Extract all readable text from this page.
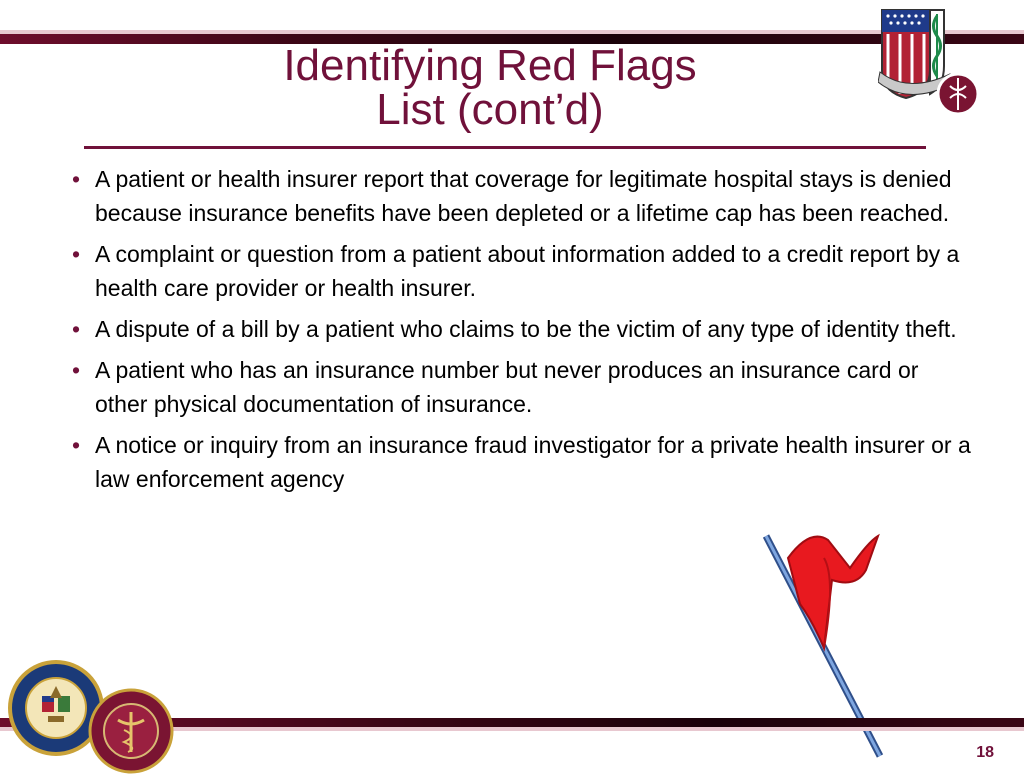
Identifying Red Flags
List (cont’d)
• A patient or health insurer report that coverage for legitimate hospital stays is denied because insurance benefits have been depleted or a lifetime cap has been reached.
• A complaint or question from a patient about information added to a credit report by a health care provider or health insurer.
• A dispute of a bill by a patient who claims to be the victim of any type of identity theft.
• A patient who has an insurance number but never produces an insurance card or other physical documentation of insurance.
• A notice or inquiry from an insurance fraud investigator for a private health insurer or a law enforcement agency
18
